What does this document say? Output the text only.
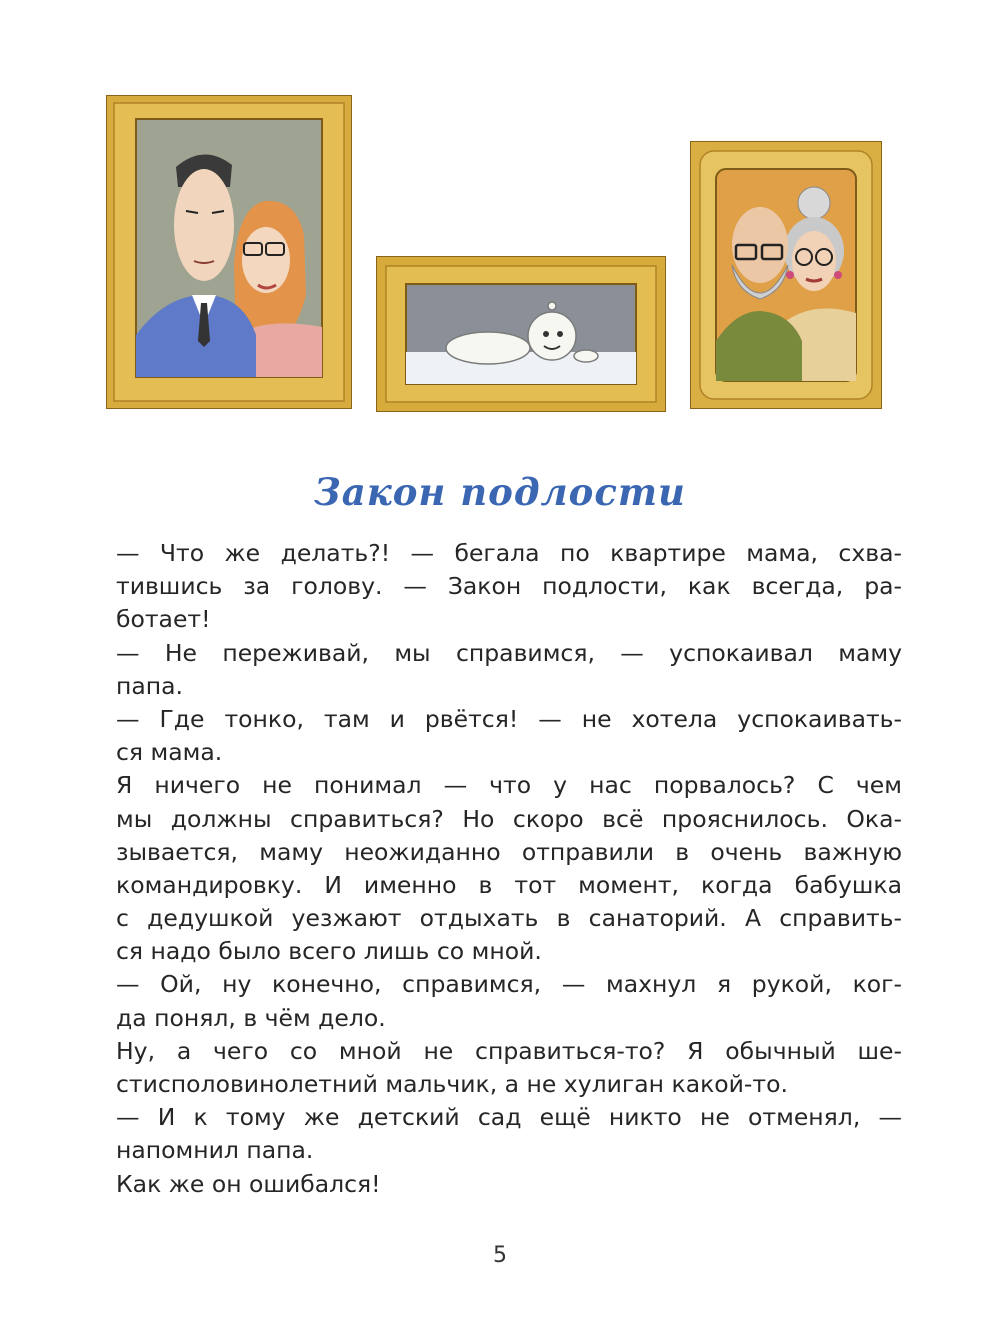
Закон подлости
— Что же делать?! — бегала по квартире мама, схва-
тившись за голову. — Закон подлости, как всегда, ра-
ботает!
— Не переживай, мы справимся, — успокаивал маму
папа.
— Где тонко, там и рвётся! — не хотела успокаивать-
ся мама.
Я ничего не понимал — что у нас порвалось? С чем
мы должны справиться? Но скоро всё прояснилось. Ока-
зывается, маму неожиданно отправили в очень важную
командировку. И именно в тот момент, когда бабушка
с дедушкой уезжают отдыхать в санаторий. А справить-
ся надо было всего лишь со мной.
— Ой, ну конечно, справимся, — махнул я рукой, ког-
да понял, в чём дело.
Ну, а чего со мной не справиться-то? Я обычный ше-
стисполовинолетний мальчик, а не хулиган какой-то.
— И к тому же детский сад ещё никто не отменял, —
напомнил папа.
Как же он ошибался!
5
